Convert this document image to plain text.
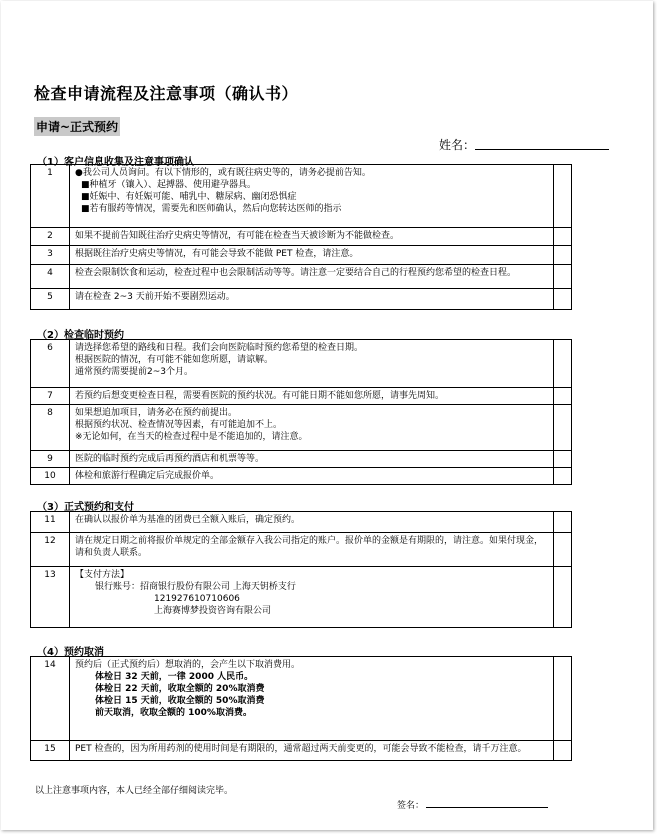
检查申请流程及注意事项（确认书）
申请~正式预约
姓名：
（1）客户信息收集及注意事项确认
1	●我公司人员询问。有以下情形的，或有既往病史等的，请务必提前告知。
■种植牙（镶入）、起搏器、使用避孕器具。
■妊娠中、有妊娠可能、哺乳中、糖尿病、幽闭恐惧症
■若有服药等情况，需要先和医师确认，然后向您转达医师的指示	

2	如果不提前告知既往治疗史病史等情况，有可能在检查当天被诊断为不能做检查。	

3	根据既往治疗史病史等情况，有可能会导致不能做 PET 检查，请注意。	

4	检查会限制饮食和运动，检查过程中也会限制活动等等。请注意一定要结合自己的行程预约您希望的检查日程。	

5	请在检查 2~3 天前开始不要剧烈运动。	

（2）检查临时预约
6	请选择您希望的路线和日程。我们会向医院临时预约您希望的检查日期。
根据医院的情况，有可能不能如您所愿，请谅解。
通常预约需要提前2~3个月。	

7	若预约后想变更检查日程，需要看医院的预约状况。有可能日期不能如您所愿，请事先周知。	

8	如果想追加项目，请务必在预约前提出。
根据预约状况、检查情况等因素，有可能追加不上。
※无论如何，在当天的检查过程中是不能追加的，请注意。	

9	医院的临时预约完成后再预约酒店和机票等等。	

10	体检和旅游行程确定后完成报价单。	

（3）正式预约和支付
11	在确认以报价单为基准的团费已全额入账后，确定预约。	

12	请在规定日期之前将报价单规定的全部金额存入我公司指定的账户。报价单的金额是有期限的，请注意。如果付现金，请和负责人联系。	

13	【支付方法】
银行账号：招商银行股份有限公司 上海天钥桥支行
121927610710606
上海赛博梦投资咨询有限公司	

（4）预约取消
14	预约后（正式预约后）想取消的，会产生以下取消费用。
体检日 32 天前，一律 2000 人民币。
体检日 22 天前，收取全额的 20%取消费
体检日 15 天前，收取全额的 50%取消费
前天取消，收取全额的 100%取消费。	

15	PET 检查的，因为所用药剂的使用时间是有期限的，通常超过两天前变更的，可能会导致不能检查，请千万注意。	

以上注意事项内容，本人已经全部仔细阅读完毕。
签名：
